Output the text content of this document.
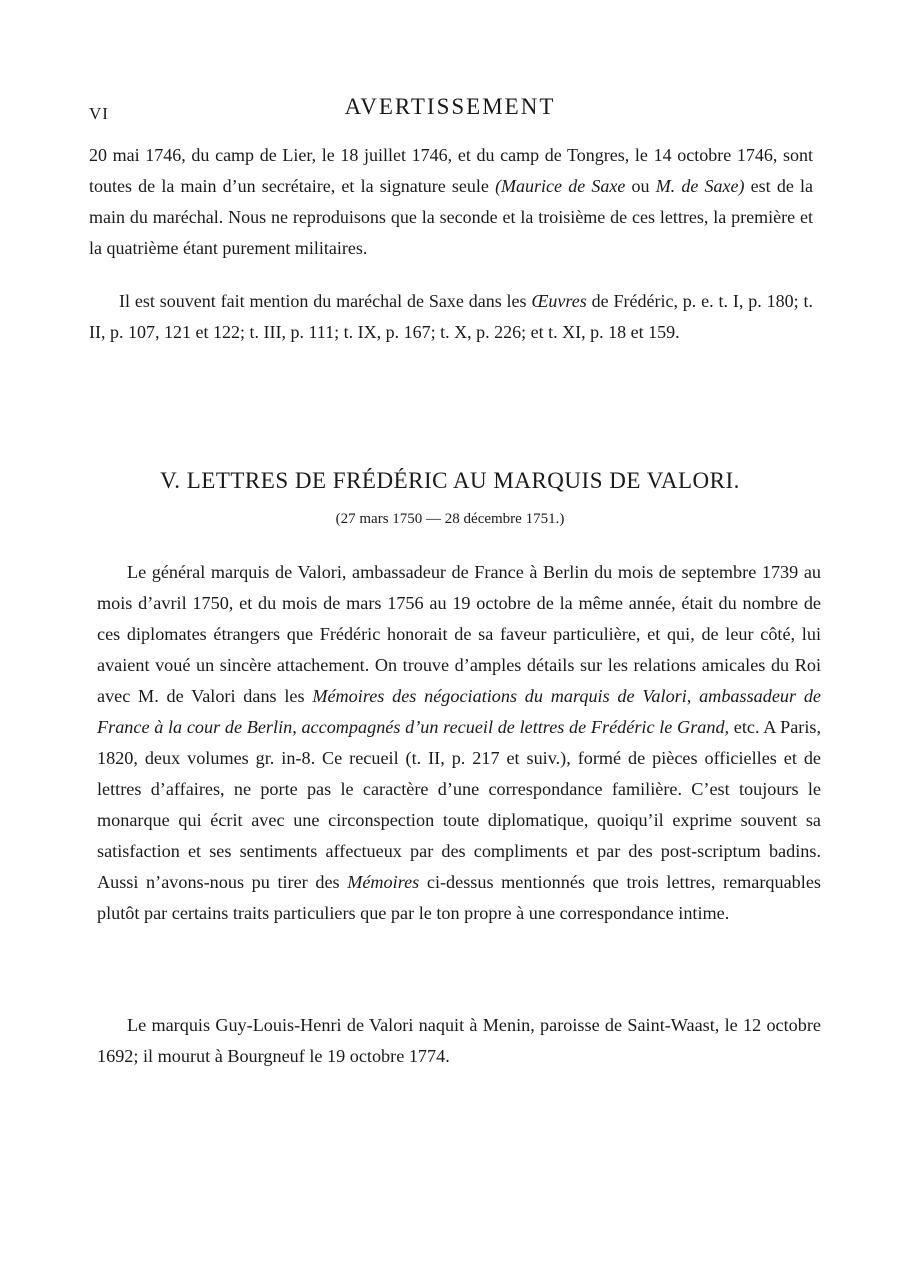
VI	AVERTISSEMENT

20 mai 1746, du camp de Lier, le 18 juillet 1746, et du camp de Tongres, le 14 octobre 1746, sont toutes de la main d’un secrétaire, et la signature seule (Maurice de Saxe ou M. de Saxe) est de la main du maréchal. Nous ne reproduisons que la seconde et la troisième de ces lettres, la première et la quatrième étant purement militaires.

Il est souvent fait mention du maréchal de Saxe dans les Œuvres de Frédéric, p. e. t. I, p. 180; t. II, p. 107, 121 et 122; t. III, p. 111; t. IX, p. 167; t. X, p. 226; et t. XI, p. 18 et 159.

V. LETTRES DE FRÉDÉRIC AU MARQUIS DE VALORI.
(27 mars 1750 — 28 décembre 1751.)

Le général marquis de Valori, ambassadeur de France à Berlin du mois de septembre 1739 au mois d’avril 1750, et du mois de mars 1756 au 19 octobre de la même année, était du nombre de ces diplomates étrangers que Frédéric honorait de sa faveur particulière, et qui, de leur côté, lui avaient voué un sincère attachement. On trouve d’amples détails sur les relations amicales du Roi avec M. de Valori dans les Mémoires des négociations du marquis de Valori, ambassadeur de France à la cour de Berlin, accompagnés d’un recueil de lettres de Frédéric le Grand, etc. A Paris, 1820, deux volumes gr. in-8. Ce recueil (t. II, p. 217 et suiv.), formé de pièces officielles et de lettres d’affaires, ne porte pas le caractère d’une correspondance familière. C’est toujours le monarque qui écrit avec une circonspection toute diplomatique, quoiqu’il exprime souvent sa satisfaction et ses sentiments affectueux par des compliments et par des post-scriptum badins. Aussi n’avons-nous pu tirer des Mémoires ci-dessus mentionnés que trois lettres, remarquables plutôt par certains traits particuliers que par le ton propre à une correspondance intime.

Le marquis Guy-Louis-Henri de Valori naquit à Menin, paroisse de Saint-Waast, le 12 octobre 1692; il mourut à Bourgneuf le 19 octobre 1774.
